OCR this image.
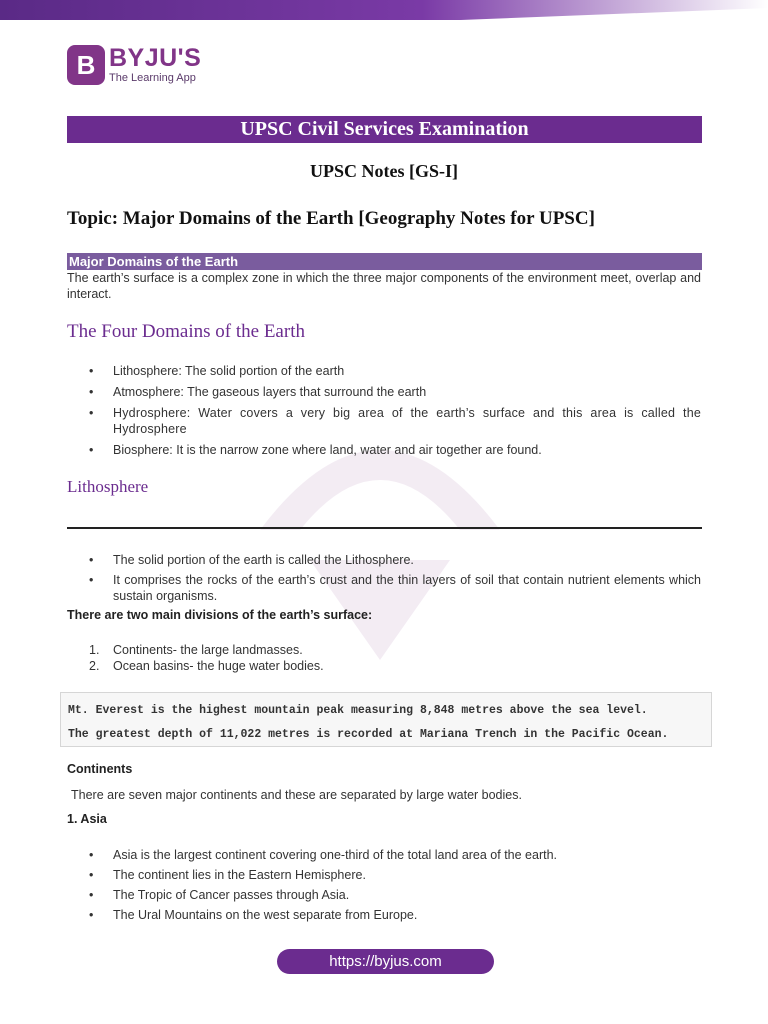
B BYJU'S
The Learning App
UPSC Civil Services Examination
UPSC Notes [GS-I]
Topic: Major Domains of the Earth [Geography Notes for UPSC]
Major Domains of the Earth
The earth’s surface is a complex zone in which the three major components of the environment meet, overlap and interact.
The Four Domains of the Earth
• Lithosphere: The solid portion of the earth
• Atmosphere: The gaseous layers that surround the earth
• Hydrosphere: Water covers a very big area of the earth’s surface and this area is called the Hydrosphere
• Biosphere: It is the narrow zone where land, water and air together are found.
Lithosphere
• The solid portion of the earth is called the Lithosphere.
• It comprises the rocks of the earth’s crust and the thin layers of soil that contain nutrient elements which sustain organisms.
There are two main divisions of the earth’s surface:
1. Continents- the large landmasses.
2. Ocean basins- the huge water bodies.
Mt. Everest is the highest mountain peak measuring 8,848 metres above the sea level.
The greatest depth of 11,022 metres is recorded at Mariana Trench in the Pacific Ocean.
Continents
There are seven major continents and these are separated by large water bodies.
1. Asia
• Asia is the largest continent covering one-third of the total land area of the earth.
• The continent lies in the Eastern Hemisphere.
• The Tropic of Cancer passes through Asia.
• The Ural Mountains on the west separate from Europe.
https://byjus.com
